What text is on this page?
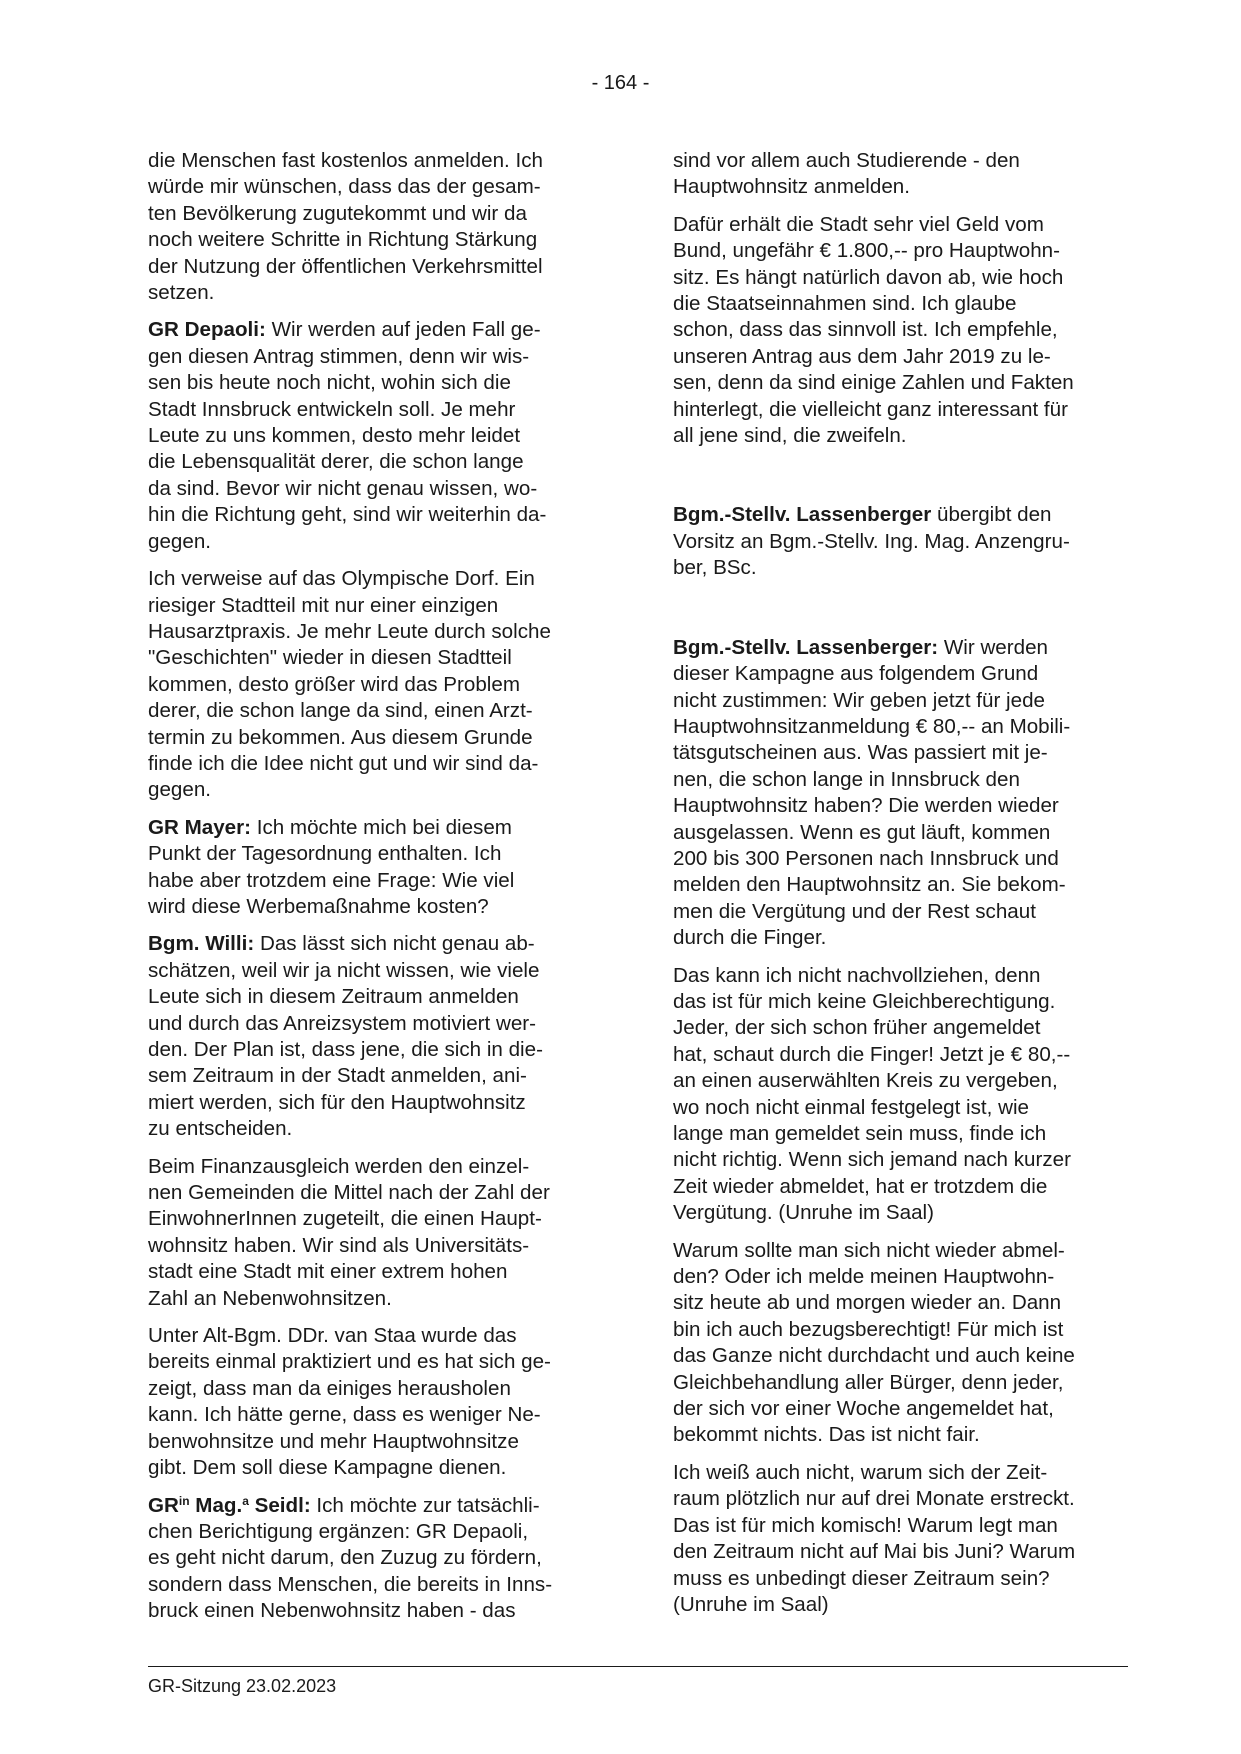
- 164 -

die Menschen fast kostenlos anmelden. Ich
würde mir wünschen, dass das der gesam-
ten Bevölkerung zugutekommt und wir da
noch weitere Schritte in Richtung Stärkung
der Nutzung der öffentlichen Verkehrsmittel
setzen.

GR Depaoli: Wir werden auf jeden Fall ge-
gen diesen Antrag stimmen, denn wir wis-
sen bis heute noch nicht, wohin sich die
Stadt Innsbruck entwickeln soll. Je mehr
Leute zu uns kommen, desto mehr leidet
die Lebensqualität derer, die schon lange
da sind. Bevor wir nicht genau wissen, wo-
hin die Richtung geht, sind wir weiterhin da-
gegen.

Ich verweise auf das Olympische Dorf. Ein
riesiger Stadtteil mit nur einer einzigen
Hausarztpraxis. Je mehr Leute durch solche
"Geschichten" wieder in diesen Stadtteil
kommen, desto größer wird das Problem
derer, die schon lange da sind, einen Arzt-
termin zu bekommen. Aus diesem Grunde
finde ich die Idee nicht gut und wir sind da-
gegen.

GR Mayer: Ich möchte mich bei diesem
Punkt der Tagesordnung enthalten. Ich
habe aber trotzdem eine Frage: Wie viel
wird diese Werbemaßnahme kosten?

Bgm. Willi: Das lässt sich nicht genau ab-
schätzen, weil wir ja nicht wissen, wie viele
Leute sich in diesem Zeitraum anmelden
und durch das Anreizsystem motiviert wer-
den. Der Plan ist, dass jene, die sich in die-
sem Zeitraum in der Stadt anmelden, ani-
miert werden, sich für den Hauptwohnsitz
zu entscheiden.

Beim Finanzausgleich werden den einzel-
nen Gemeinden die Mittel nach der Zahl der
EinwohnerInnen zugeteilt, die einen Haupt-
wohnsitz haben. Wir sind als Universitäts-
stadt eine Stadt mit einer extrem hohen
Zahl an Nebenwohnsitzen.

Unter Alt-Bgm. DDr. van Staa wurde das
bereits einmal praktiziert und es hat sich ge-
zeigt, dass man da einiges herausholen
kann. Ich hätte gerne, dass es weniger Ne-
benwohnsitze und mehr Hauptwohnsitze
gibt. Dem soll diese Kampagne dienen.

$GR^{in}$ Mag.$^a$ Seidl: Ich möchte zur tatsächli-
chen Berichtigung ergänzen: GR Depaoli,
es geht nicht darum, den Zuzug zu fördern,
sondern dass Menschen, die bereits in Inns-
bruck einen Nebenwohnsitz haben - das

sind vor allem auch Studierende - den
Hauptwohnsitz anmelden.

Dafür erhält die Stadt sehr viel Geld vom
Bund, ungefähr € 1.800,-- pro Hauptwohn-
sitz. Es hängt natürlich davon ab, wie hoch
die Staatseinnahmen sind. Ich glaube
schon, dass das sinnvoll ist. Ich empfehle,
unseren Antrag aus dem Jahr 2019 zu le-
sen, denn da sind einige Zahlen und Fakten
hinterlegt, die vielleicht ganz interessant für
all jene sind, die zweifeln.

Bgm.-Stellv. Lassenberger übergibt den
Vorsitz an Bgm.-Stellv. Ing. Mag. Anzengru-
ber, BSc.

Bgm.-Stellv. Lassenberger: Wir werden
dieser Kampagne aus folgendem Grund
nicht zustimmen: Wir geben jetzt für jede
Hauptwohnsitzanmeldung € 80,-- an Mobili-
tätsgutscheinen aus. Was passiert mit je-
nen, die schon lange in Innsbruck den
Hauptwohnsitz haben? Die werden wieder
ausgelassen. Wenn es gut läuft, kommen
200 bis 300 Personen nach Innsbruck und
melden den Hauptwohnsitz an. Sie bekom-
men die Vergütung und der Rest schaut
durch die Finger.

Das kann ich nicht nachvollziehen, denn
das ist für mich keine Gleichberechtigung.
Jeder, der sich schon früher angemeldet
hat, schaut durch die Finger! Jetzt je € 80,--
an einen auserwählten Kreis zu vergeben,
wo noch nicht einmal festgelegt ist, wie
lange man gemeldet sein muss, finde ich
nicht richtig. Wenn sich jemand nach kurzer
Zeit wieder abmeldet, hat er trotzdem die
Vergütung. (Unruhe im Saal)

Warum sollte man sich nicht wieder abmel-
den? Oder ich melde meinen Hauptwohn-
sitz heute ab und morgen wieder an. Dann
bin ich auch bezugsberechtigt! Für mich ist
das Ganze nicht durchdacht und auch keine
Gleichbehandlung aller Bürger, denn jeder,
der sich vor einer Woche angemeldet hat,
bekommt nichts. Das ist nicht fair.

Ich weiß auch nicht, warum sich der Zeit-
raum plötzlich nur auf drei Monate erstreckt.
Das ist für mich komisch! Warum legt man
den Zeitraum nicht auf Mai bis Juni? Warum
muss es unbedingt dieser Zeitraum sein?
(Unruhe im Saal)

GR-Sitzung 23.02.2023
